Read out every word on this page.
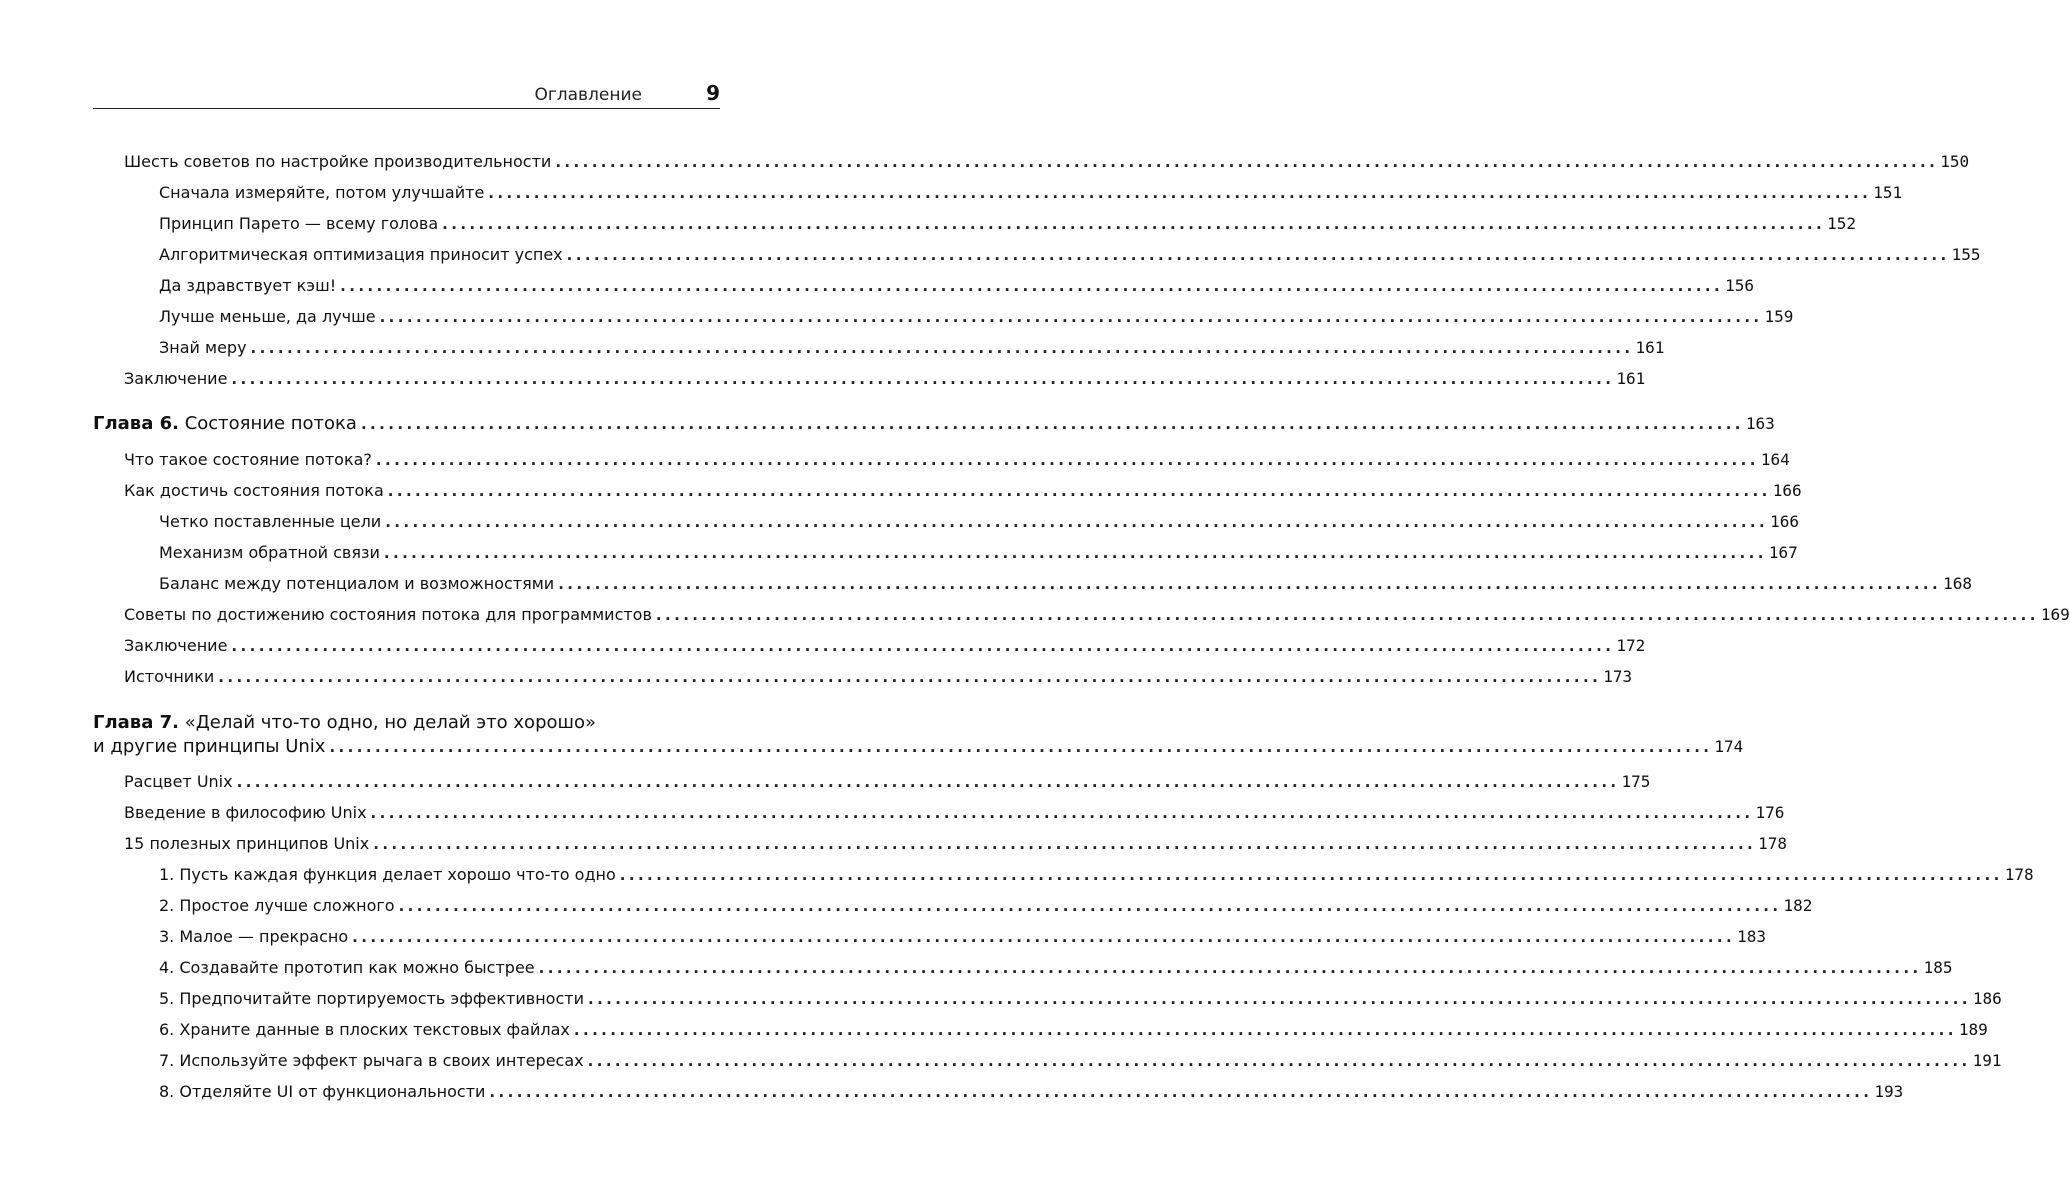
Оглавление	9
Шесть советов по настройке производительности ........................................................................................................................................................ 150
Сначала измеряйте, потом улучшайте ........................................................................................................................................................ 151
Принцип Парето — всему голова ........................................................................................................................................................ 152
Алгоритмическая оптимизация приносит успех ........................................................................................................................................................ 155
Да здравствует кэш! ........................................................................................................................................................ 156
Лучше меньше, да лучше ........................................................................................................................................................ 159
Знай меру ........................................................................................................................................................ 161
Заключение ........................................................................................................................................................ 161
Глава 6. Состояние потока ........................................................................................................................................................ 163
Что такое состояние потока? ........................................................................................................................................................ 164
Как достичь состояния потока ........................................................................................................................................................ 166
Четко поставленные цели ........................................................................................................................................................ 166
Механизм обратной связи ........................................................................................................................................................ 167
Баланс между потенциалом и возможностями ........................................................................................................................................................ 168
Советы по достижению состояния потока для программистов ........................................................................................................................................................ 169
Заключение ........................................................................................................................................................ 172
Источники ........................................................................................................................................................ 173
Глава 7. «Делай что-то одно, но делай это хорошо»
и другие принципы Unix ........................................................................................................................................................ 174
Расцвет Unix ........................................................................................................................................................ 175
Введение в философию Unix ........................................................................................................................................................ 176
15 полезных принципов Unix ........................................................................................................................................................ 178
1. Пусть каждая функция делает хорошо что-то одно ........................................................................................................................................................ 178
2. Простое лучше сложного ........................................................................................................................................................ 182
3. Малое — прекрасно ........................................................................................................................................................ 183
4. Создавайте прототип как можно быстрее ........................................................................................................................................................ 185
5. Предпочитайте портируемость эффективности ........................................................................................................................................................ 186
6. Храните данные в плоских текстовых файлах ........................................................................................................................................................ 189
7. Используйте эффект рычага в своих интересах ........................................................................................................................................................ 191
8. Отделяйте UI от функциональности ........................................................................................................................................................ 193
